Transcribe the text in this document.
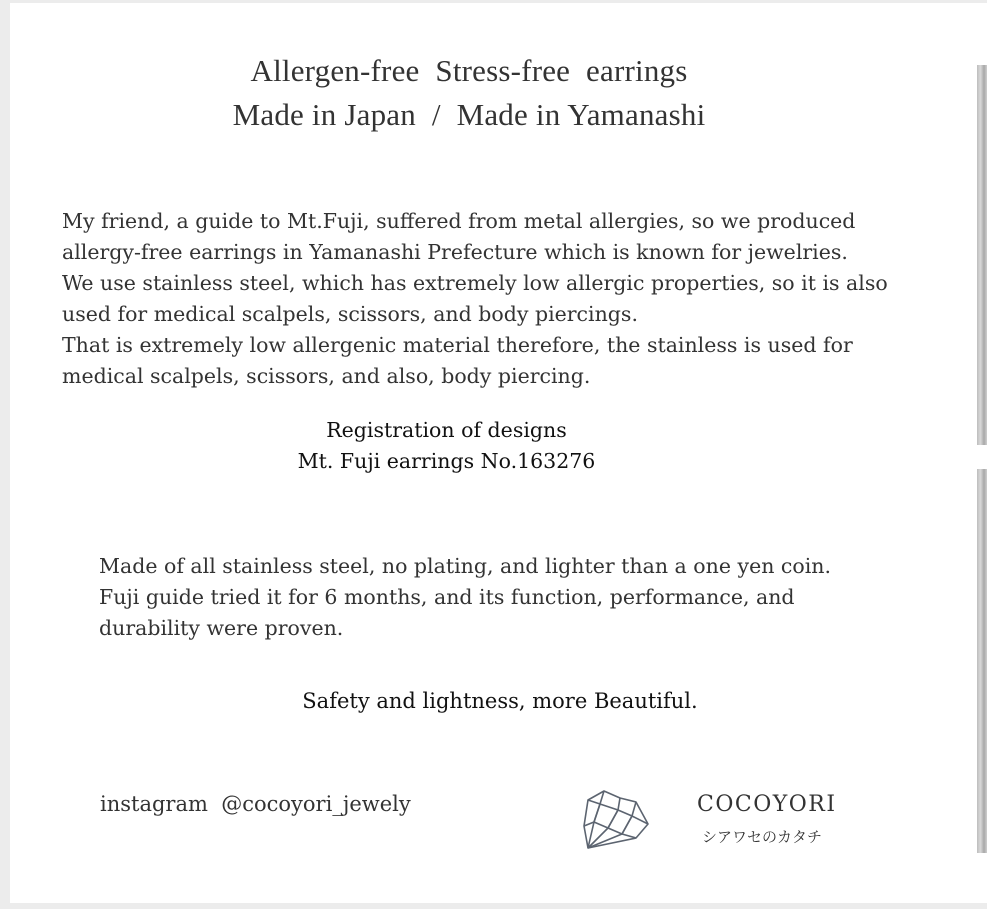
Allergen-free  Stress-free  earrings
Made in Japan  /  Made in Yamanashi
My friend, a guide to Mt.Fuji, suffered from metal allergies, so we produced
allergy-free earrings in Yamanashi Prefecture which is known for jewelries.
We use stainless steel, which has extremely low allergic properties, so it is also
used for medical scalpels, scissors, and body piercings.
That is extremely low allergenic material therefore, the stainless is used for
medical scalpels, scissors, and also, body piercing.
Registration of designs
Mt. Fuji earrings No.163276
Made of all stainless steel, no plating, and lighter than a one yen coin.
Fuji guide tried it for 6 months, and its function, performance, and
durability were proven.
Safety and lightness, more Beautiful.
instagram  @cocoyori_jewely	COCOYORI
シアワセのカタチ
